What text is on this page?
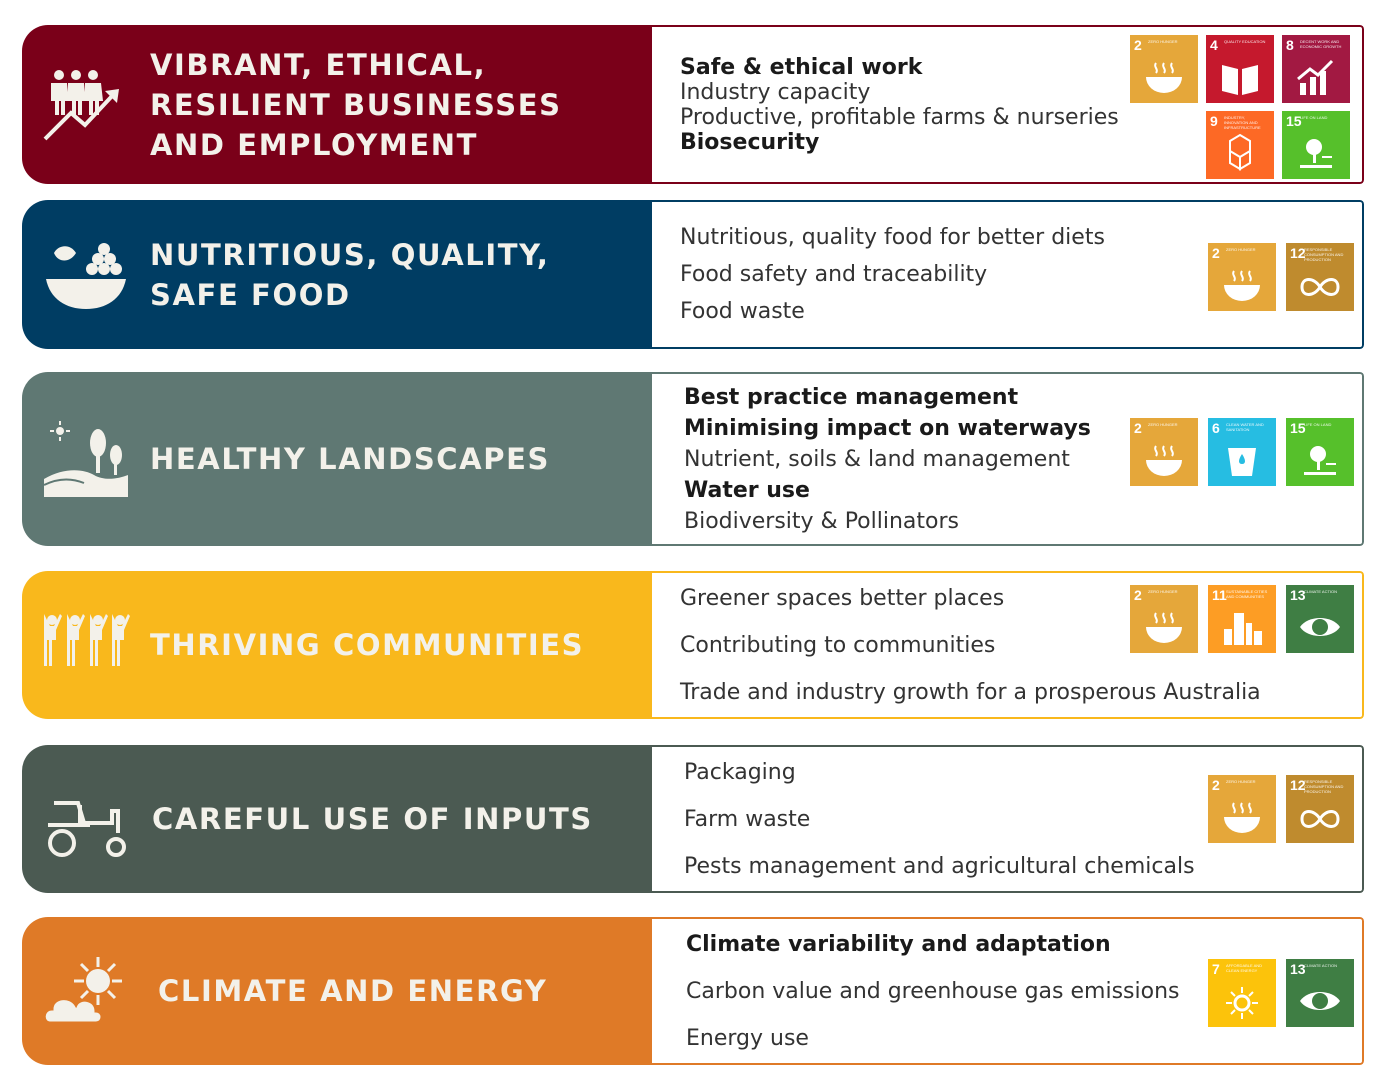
VIBRANT, ETHICAL,
RESILIENT BUSINESSES
AND EMPLOYMENT
Safe & ethical work
Industry capacity
Productive, profitable farms & nurseries
Biosecurity
2 ZERO HUNGER	4 QUALITY EDUCATION	8 DECENT WORK AND ECONOMIC GROWTH
9 INDUSTRY, INNOVATION AND INFRASTRUCTURE	15
LIFE ON LAND
NUTRITIOUS, QUALITY,
SAFE FOOD
Nutritious, quality food for better diets
Food safety and traceability
Food waste
2 ZERO HUNGER	12
RESPONSIBLE CONSUMPTION AND PRODUCTION
HEALTHY LANDSCAPES
Best practice management
Minimising impact on waterways
Nutrient, soils & land management
Water use
Biodiversity & Pollinators
2 ZERO HUNGER	6 CLEAN WATER AND SANITATION	15
LIFE ON LAND
THRIVING COMMUNITIES
Greener spaces better places
Contributing to communities
Trade and industry growth for a prosperous Australia
2 ZERO HUNGER	11 SUSTAINABLE CITIES AND COMMUNITIES	13
CLIMATE ACTION
CAREFUL USE OF INPUTS
Packaging
Farm waste
Pests management and agricultural chemicals
2 ZERO HUNGER	12
RESPONSIBLE CONSUMPTION AND PRODUCTION
CLIMATE AND ENERGY
Climate variability and adaptation
Carbon value and greenhouse gas emissions
Energy use
7 AFFORDABLE AND CLEAN ENERGY	13
CLIMATE ACTION
